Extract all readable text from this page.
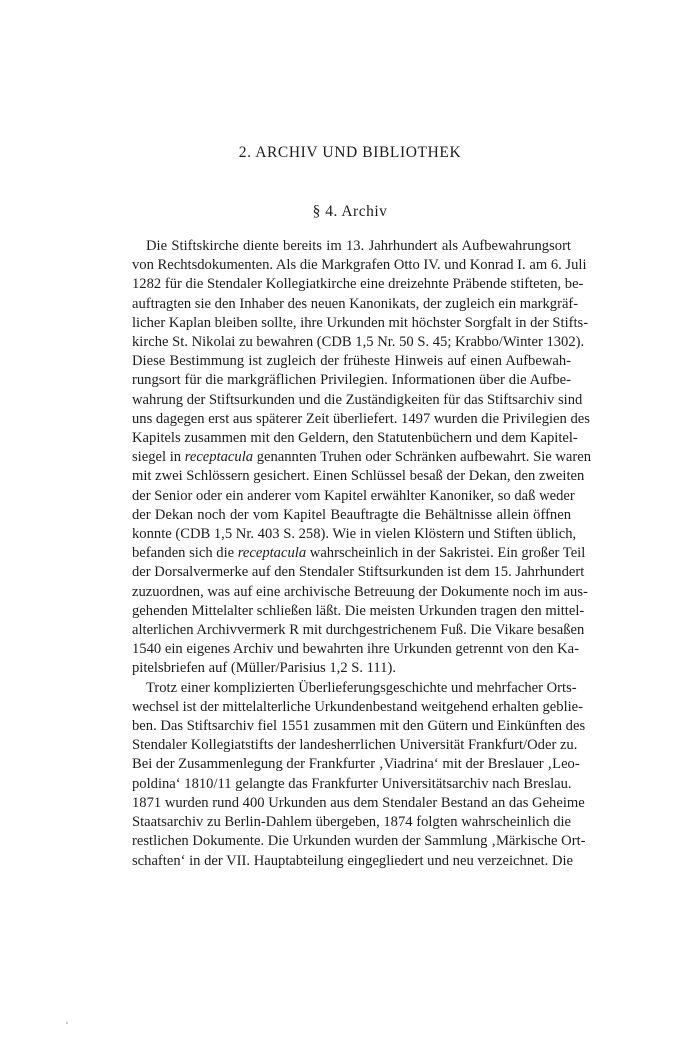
2. ARCHIV UND BIBLIOTHEK
§ 4. Archiv

Die Stiftskirche diente bereits im 13. Jahrhundert als Aufbewahrungsort
von Rechtsdokumenten. Als die Markgrafen Otto IV. und Konrad I. am 6. Juli
1282 für die Stendaler Kollegiatkirche eine dreizehnte Präbende stifteten, be-
auftragten sie den Inhaber des neuen Kanonikats, der zugleich ein markgräf-
licher Kaplan bleiben sollte, ihre Urkunden mit höchster Sorgfalt in der Stifts-
kirche St. Nikolai zu bewahren (CDB 1,5 Nr. 50 S. 45; Krabbo/Winter 1302).
Diese Bestimmung ist zugleich der früheste Hinweis auf einen Aufbewah-
rungsort für die markgräflichen Privilegien. Informationen über die Aufbe-
wahrung der Stiftsurkunden und die Zuständigkeiten für das Stiftsarchiv sind
uns dagegen erst aus späterer Zeit überliefert. 1497 wurden die Privilegien des
Kapitels zusammen mit den Geldern, den Statutenbüchern und dem Kapitel-
siegel in receptacula genannten Truhen oder Schränken aufbewahrt. Sie waren
mit zwei Schlössern gesichert. Einen Schlüssel besaß der Dekan, den zweiten
der Senior oder ein anderer vom Kapitel erwählter Kanoniker, so daß weder
der Dekan noch der vom Kapitel Beauftragte die Behältnisse allein öffnen
konnte (CDB 1,5 Nr. 403 S. 258). Wie in vielen Klöstern und Stiften üblich,
befanden sich die receptacula wahrscheinlich in der Sakristei. Ein großer Teil
der Dorsalvermerke auf den Stendaler Stiftsurkunden ist dem 15. Jahrhundert
zuzuordnen, was auf eine archivische Betreuung der Dokumente noch im aus-
gehenden Mittelalter schließen läßt. Die meisten Urkunden tragen den mittel-
alterlichen Archivvermerk R mit durchgestrichenem Fuß. Die Vikare besaßen
1540 ein eigenes Archiv und bewahrten ihre Urkunden getrennt von den Ka-
pitelsbriefen auf (Müller/Parisius 1,2 S. 111).

Trotz einer komplizierten Überlieferungsgeschichte und mehrfacher Orts-
wechsel ist der mittelalterliche Urkundenbestand weitgehend erhalten geblie-
ben. Das Stiftsarchiv fiel 1551 zusammen mit den Gütern und Einkünften des
Stendaler Kollegiatstifts der landesherrlichen Universität Frankfurt/Oder zu.
Bei der Zusammenlegung der Frankfurter ‚Viadrina‘ mit der Breslauer ‚Leo-
poldina‘ 1810/11 gelangte das Frankfurter Universitätsarchiv nach Breslau.
1871 wurden rund 400 Urkunden aus dem Stendaler Bestand an das Geheime
Staatsarchiv zu Berlin-Dahlem übergeben, 1874 folgten wahrscheinlich die
restlichen Dokumente. Die Urkunden wurden der Sammlung ‚Märkische Ort-
schaften‘ in der VII. Hauptabteilung eingegliedert und neu verzeichnet. Die
